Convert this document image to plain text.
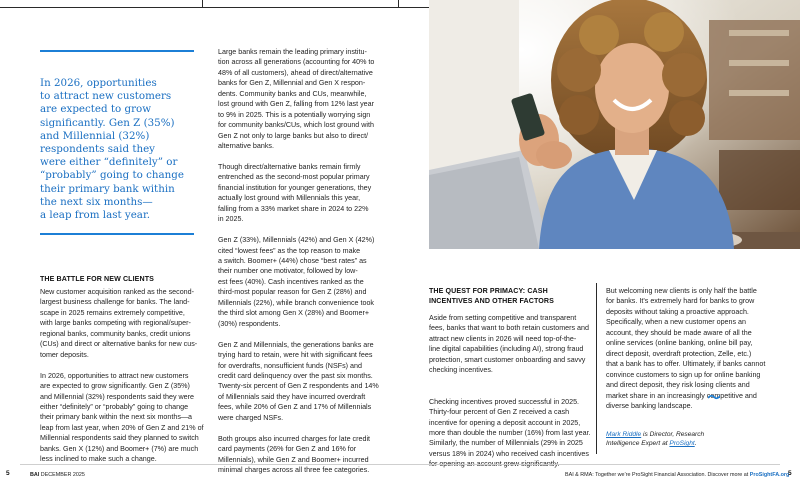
In 2026, opportunities
to attract new customers
are expected to grow
significantly. Gen Z (35%)
and Millennial (32%)
respondents said they
were either “definitely” or
“probably” going to change
their primary bank within
the next six months—
a leap from last year.
THE BATTLE FOR NEW CLIENTS
New customer acquisition ranked as the second-
largest business challenge for banks. The land-
scape in 2025 remains extremely competitive,
with large banks competing with regional/super-
regional banks, community banks, credit unions
(CUs) and direct or alternative banks for new cus-
tomer deposits.
In 2026, opportunities to attract new customers
are expected to grow significantly. Gen Z (35%)
and Millennial (32%) respondents said they were
either “definitely” or “probably” going to change
their primary bank within the next six months—a
leap from last year, when 20% of Gen Z and 21% of
Millennial respondents said they planned to switch
banks. Gen X (12%) and Boomer+ (7%) are much
less inclined to make such a change.
Large banks remain the leading primary institu-
tion across all generations (accounting for 40% to
48% of all customers), ahead of direct/alternative
banks for Gen Z, Millennial and Gen X respon-
dents. Community banks and CUs, meanwhile,
lost ground with Gen Z, falling from 12% last year
to 9% in 2025. This is a potentially worrying sign
for community banks/CUs, which lost ground with
Gen Z not only to large banks but also to direct/
alternative banks.
Though direct/alternative banks remain firmly
entrenched as the second-most popular primary
financial institution for younger generations, they
actually lost ground with Millennials this year,
falling from a 33% market share in 2024 to 22%
in 2025.
Gen Z (33%), Millennials (42%) and Gen X (42%)
cited “lowest fees” as the top reason to make
a switch. Boomer+ (44%) chose “best rates” as
their number one motivator, followed by low-
est fees (40%). Cash incentives ranked as the
third-most popular reason for Gen Z (28%) and
Millennials (22%), while branch convenience took
the third slot among Gen X (28%) and Boomer+
(30%) respondents.
Gen Z and Millennials, the generations banks are
trying hard to retain, were hit with significant fees
for overdrafts, nonsufficient funds (NSFs) and
credit card delinquency over the past six months.
Twenty-six percent of Gen Z respondents and 14%
of Millennials said they have incurred overdraft
fees, while 20% of Gen Z and 17% of Millennials
were charged NSFs.
Both groups also incurred charges for late credit
card payments (26% for Gen Z and 16% for
Millennials), while Gen Z and Boomer+ incurred
minimal charges across all three fee categories.
THE QUEST FOR PRIMACY: CASH
INCENTIVES AND OTHER FACTORS
Aside from setting competitive and transparent
fees, banks that want to both retain customers and
attract new clients in 2026 will need top-of-the-
line digital capabilities (including AI), strong fraud
protection, smart customer onboarding and savvy
checking incentives.
Checking incentives proved successful in 2025.
Thirty-four percent of Gen Z received a cash
incentive for opening a deposit account in 2025,
more than double the number (16%) from last year.
Similarly, the number of Millennials (29% in 2025
versus 18% in 2024) who received cash incentives
But welcoming new clients is only half the battle
for banks. It’s extremely hard for banks to grow
deposits without taking a proactive approach.
Specifically, when a new customer opens an
account, they should be made aware of all the
online services (online banking, online bill pay,
direct deposit, overdraft protection, Zelle, etc.)
that a bank has to offer. Ultimately, if banks cannot
convince customers to sign up for online banking
and direct deposit, they risk losing clients and
market share in an increasingly competitive and
diverse banking landscape.
Mark Riddle is Director, Research
Intelligence Expert at ProSight.
5	BAI DECEMBER 2025	BAI & RMA: Together we’re ProSight Financial Association. Discover more at ProSightFA.org
5
